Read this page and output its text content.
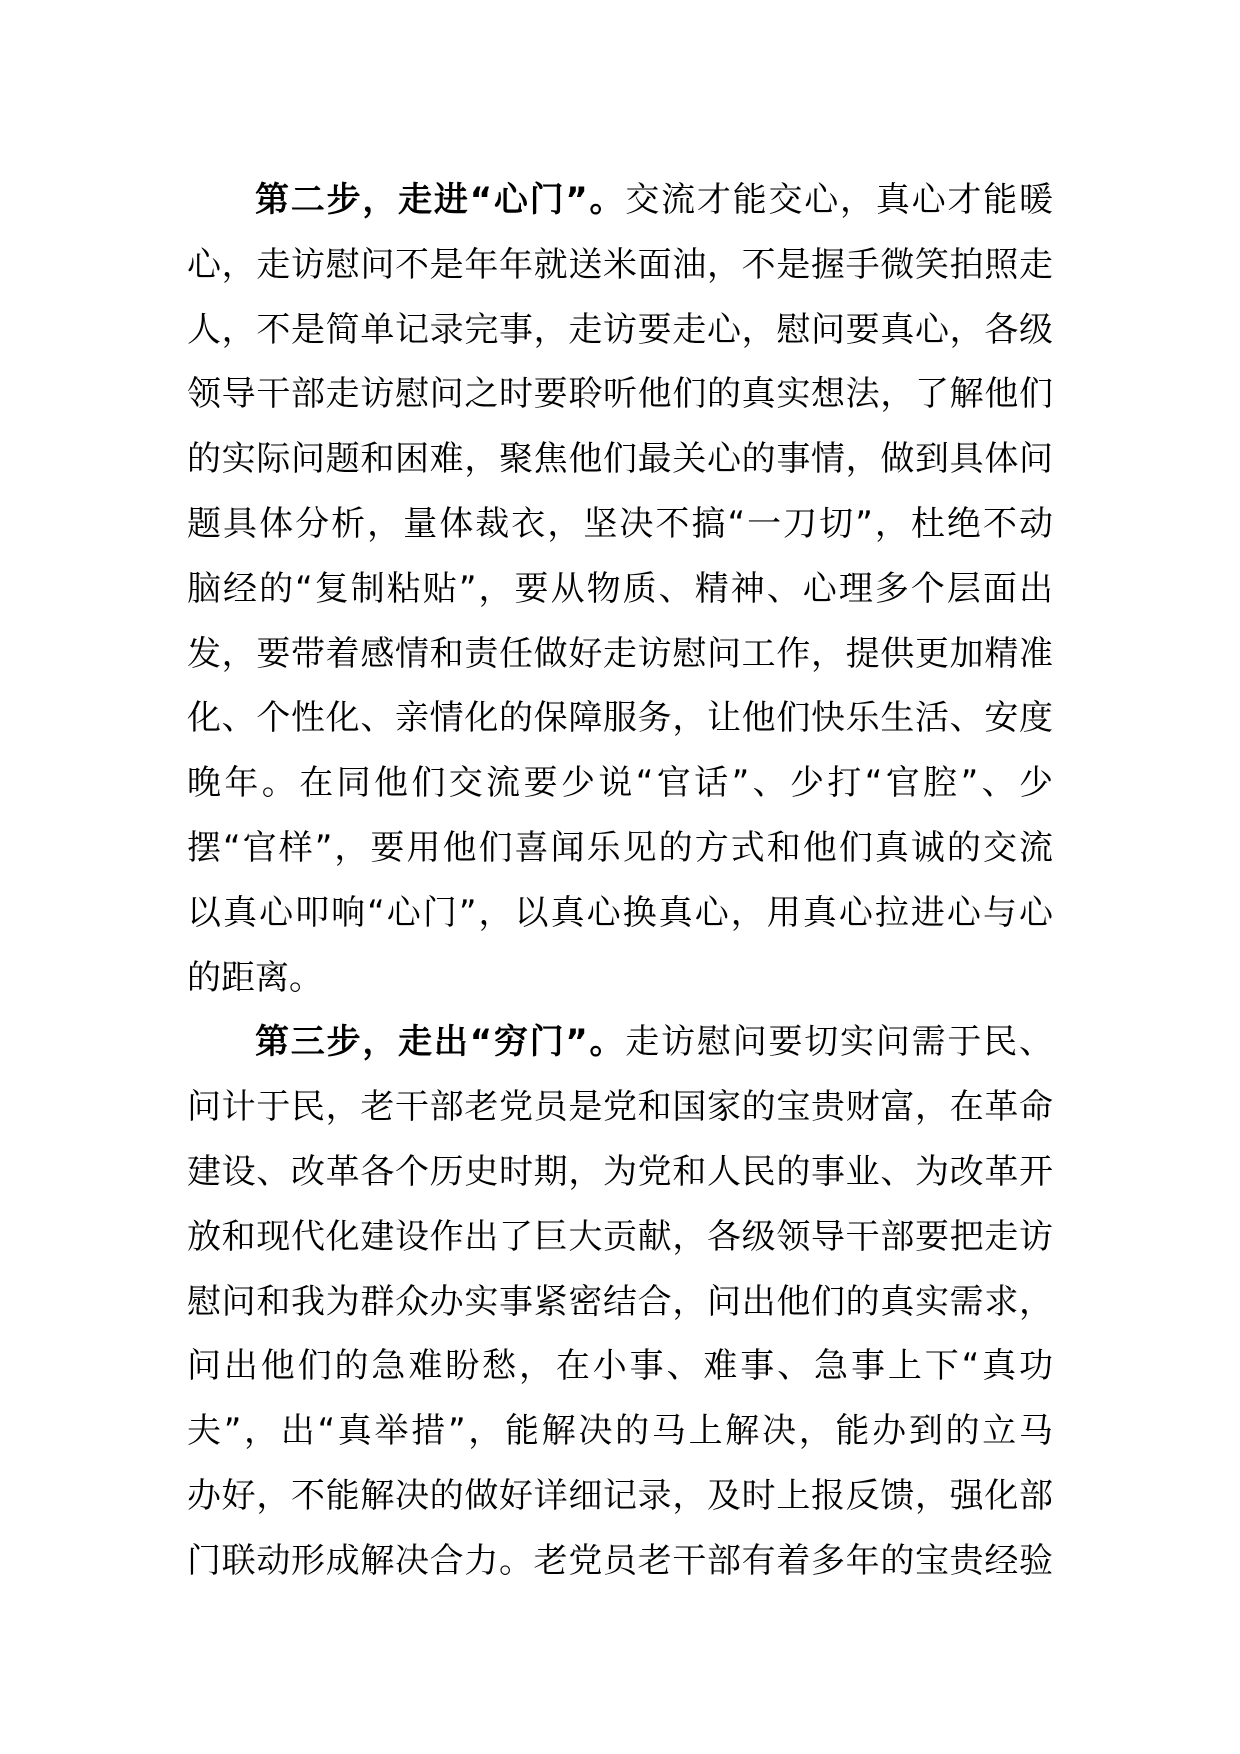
第二步，走进“心门”。交流才能交心，真心才能暖
心，走访慰问不是年年就送米面油，不是握手微笑拍照走
人，不是简单记录完事，走访要走心，慰问要真心，各级
领导干部走访慰问之时要聆听他们的真实想法，了解他们
的实际问题和困难，聚焦他们最关心的事情，做到具体问
题具体分析，量体裁衣，坚决不搞“一刀切”，杜绝不动
脑经的“复制粘贴”，要从物质、精神、心理多个层面出
发，要带着感情和责任做好走访慰问工作，提供更加精准
化、个性化、亲情化的保障服务，让他们快乐生活、安度
晚年。在同他们交流要少说“官话”、少打“官腔”、少
摆“官样”，要用他们喜闻乐见的方式和他们真诚的交流
以真心叩响“心门”，以真心换真心，用真心拉进心与心
的距离。
第三步，走出“穷门”。走访慰问要切实问需于民、
问计于民，老干部老党员是党和国家的宝贵财富，在革命
建设、改革各个历史时期，为党和人民的事业、为改革开
放和现代化建设作出了巨大贡献，各级领导干部要把走访
慰问和我为群众办实事紧密结合，问出他们的真实需求，
问出他们的急难盼愁，在小事、难事、急事上下“真功
夫”，出“真举措”，能解决的马上解决，能办到的立马
办好，不能解决的做好详细记录，及时上报反馈，强化部
门联动形成解决合力。老党员老干部有着多年的宝贵经验
